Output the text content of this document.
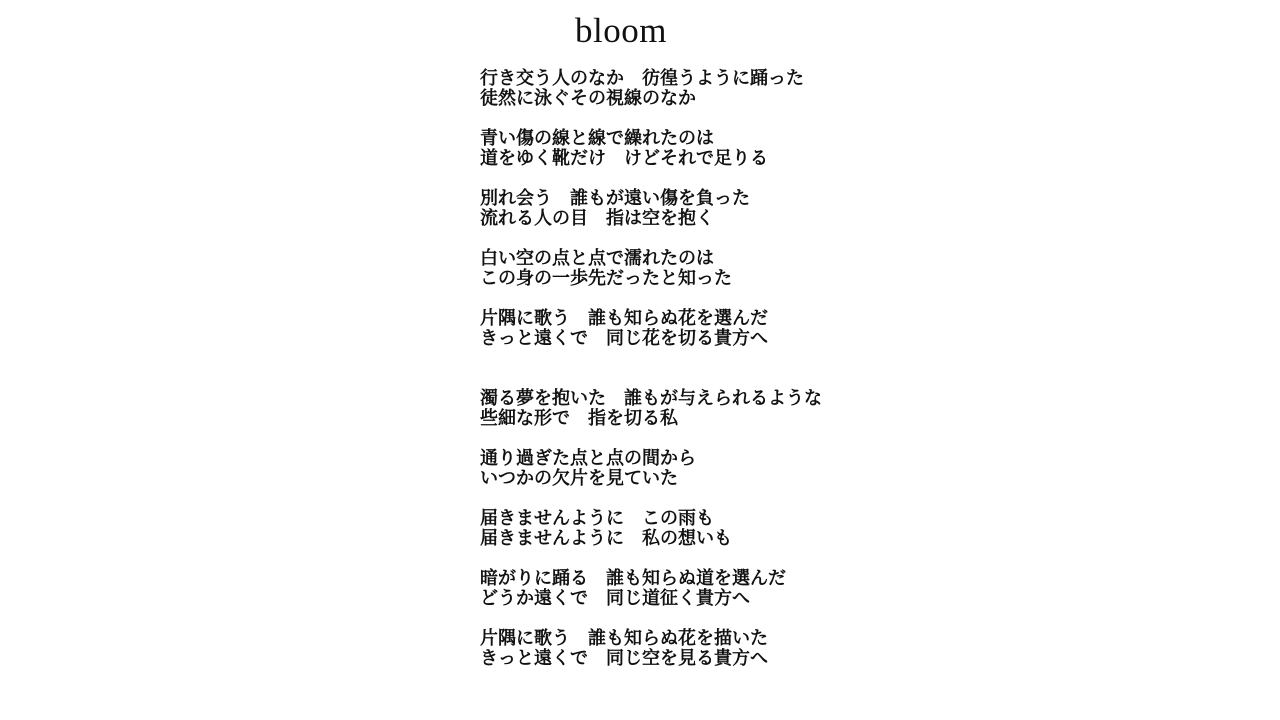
bloom
行き交う人のなか　彷徨うように踊った
徒然に泳ぐその視線のなか
青い傷の線と線で繰れたのは
道をゆく靴だけ　けどそれで足りる
別れ会う　誰もが遠い傷を負った
流れる人の目　指は空を抱く
白い空の点と点で濡れたのは
この身の一歩先だったと知った
片隅に歌う　誰も知らぬ花を選んだ
きっと遠くで　同じ花を切る貴方へ
濁る夢を抱いた　誰もが与えられるような
些細な形で　指を切る私
通り過ぎた点と点の間から
いつかの欠片を見ていた
届きませんように　この雨も
届きませんように　私の想いも
暗がりに踊る　誰も知らぬ道を選んだ
どうか遠くで　同じ道征く貴方へ
片隅に歌う　誰も知らぬ花を描いた
きっと遠くで　同じ空を見る貴方へ
